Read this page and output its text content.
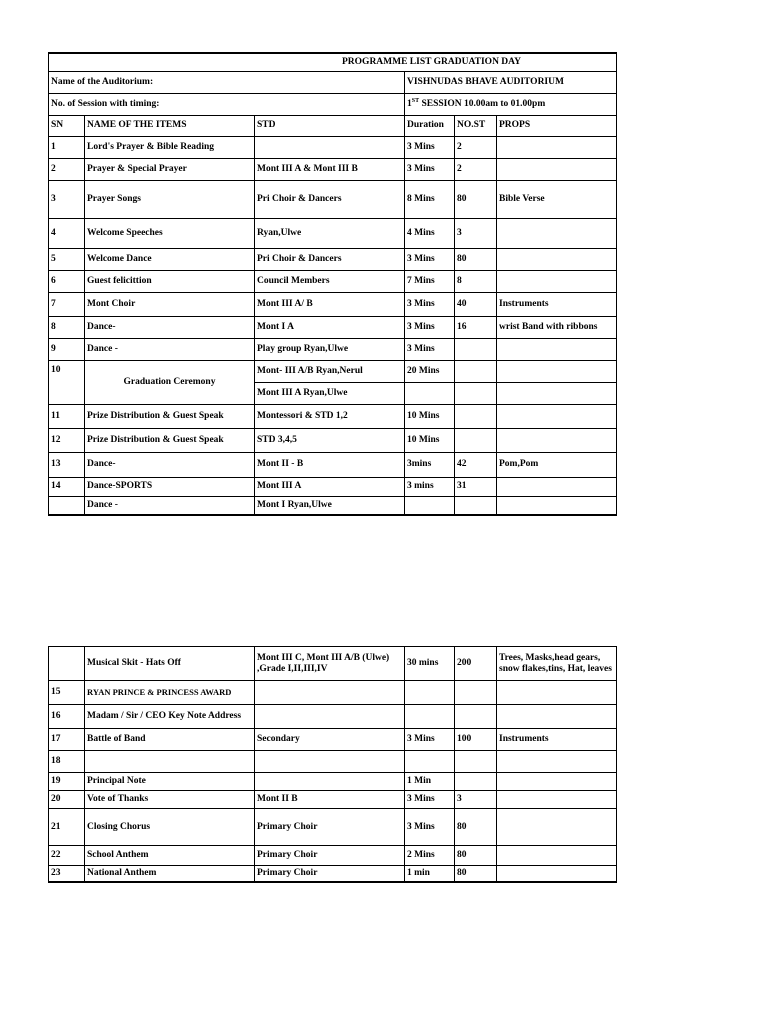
PROGRAMME LIST GRADUATION DAY					
Name of the Auditorium:			VISHNUDAS BHAVE AUDITORIUM		
No. of Session with timing:			1ST SESSION 10.00am to 01.00pm		
SN	NAME OF THE ITEMS	STD	Duration	NO.ST	PROPS
1	Lord's Prayer & Bible Reading		3 Mins	2	
2	Prayer & Special Prayer	Mont III A & Mont III B	3 Mins	2	
3	Prayer Songs	Pri Choir & Dancers	8 Mins	80	Bible Verse
4	Welcome Speeches	Ryan,Ulwe	4 Mins	3	
5	Welcome Dance	Pri Choir & Dancers	3 Mins	80	
6	Guest felicittion	Council Members	7 Mins	8	
7	Mont Choir	Mont III A/ B	3 Mins	40	Instruments
8	Dance-	Mont I A	3 Mins	16	wrist Band with ribbons
9	Dance -	Play group Ryan,Ulwe	3 Mins		
10	Graduation Ceremony	Mont- III A/B Ryan,Nerul	20 Mins		
		Mont III A Ryan,Ulwe			
11	Prize Distribution & Guest Speak	Montessori & STD 1,2	10 Mins		
12	Prize Distribution & Guest Speak	STD 3,4,5	10 Mins		
13	Dance-	Mont II - B	3mins	42	Pom,Pom
14	Dance-SPORTS	Mont III A	3 mins	31	
	Dance -	Mont I Ryan,Ulwe			
	Musical Skit - Hats Off	Mont III C, Mont III A/B (Ulwe) ,Grade I,II,III,IV	30 mins	200	Trees, Masks,head gears, snow flakes,tins, Hat, leaves
15	RYAN PRINCE & PRINCESS AWARD				
16	Madam / Sir / CEO Key Note Address				
17	Battle of Band	Secondary	3 Mins	100	Instruments
18					
19	Principal Note		1 Min		
20	Vote of Thanks	Mont II B	3 Mins	3	
21	Closing Chorus	Primary Choir	3 Mins	80	
22	School Anthem	Primary Choir	2 Mins	80	
23	National Anthem	Primary Choir	1 min	80	
